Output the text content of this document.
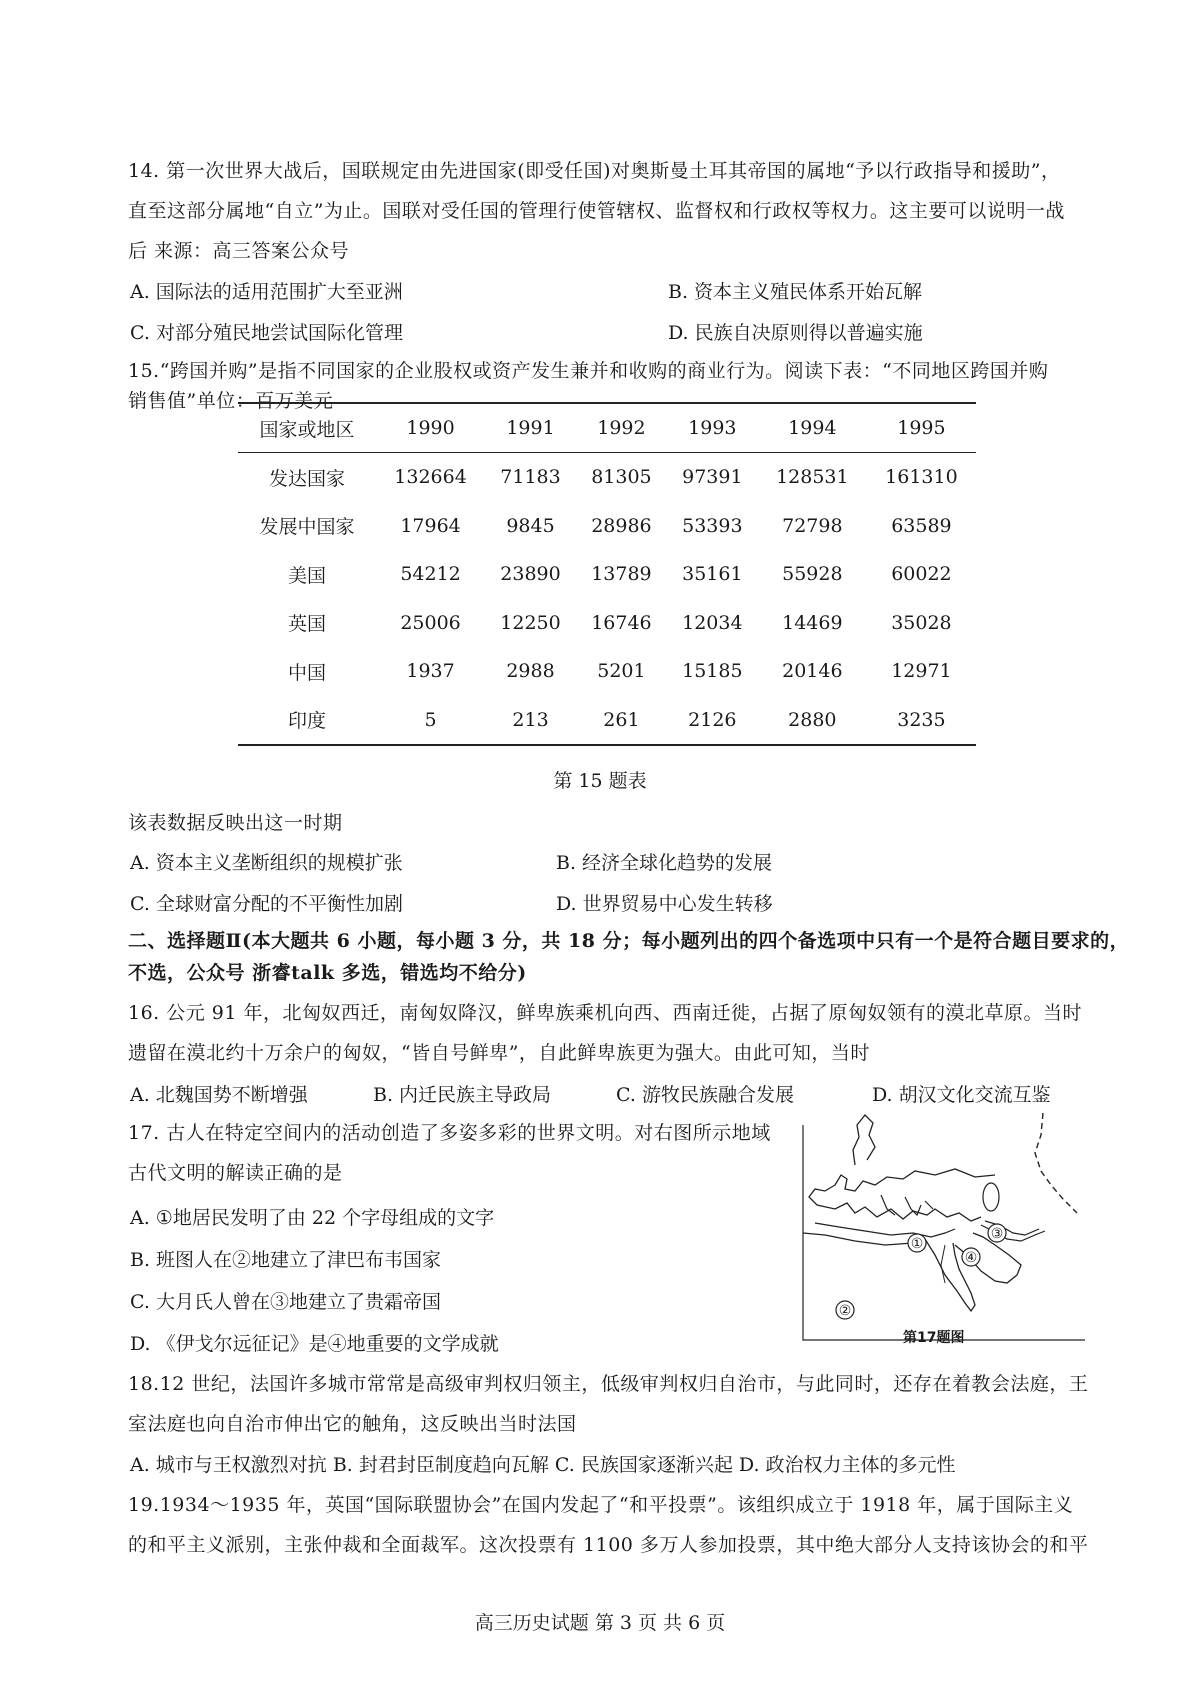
14. 第一次世界大战后，国联规定由先进国家(即受任国)对奥斯曼土耳其帝国的属地“予以行政指导和援助”，
直至这部分属地“自立”为止。国联对受任国的管理行使管辖权、监督权和行政权等权力。这主要可以说明一战
后 来源：高三答案公众号
A. 国际法的适用范围扩大至亚洲	B. 资本主义殖民体系开始瓦解
C. 对部分殖民地尝试国际化管理	D. 民族自决原则得以普遍实施
15.“跨国并购”是指不同国家的企业股权或资产发生兼并和收购的商业行为。阅读下表：“不同地区跨国并购
销售值”单位：百万美元
国家或地区	1990	1991	1992	1993	1994	1995
发达国家	132664	71183	81305	97391	128531	161310
发展中国家	17964	9845	28986	53393	72798	63589
美国	54212	23890	13789	35161	55928	60022
英国	25006	12250	16746	12034	14469	35028
中国	1937	2988	5201	15185	20146	12971
印度	5	213	261	2126	2880	3235
第 15 题表
该表数据反映出这一时期
A. 资本主义垄断组织的规模扩张	B. 经济全球化趋势的发展
C. 全球财富分配的不平衡性加剧	D. 世界贸易中心发生转移
二、选择题Ⅱ(本大题共 6 小题，每小题 3 分，共 18 分；每小题列出的四个备选项中只有一个是符合题目要求的，
不选，公众号 浙睿talk 多选，错选均不给分)
16. 公元 91 年，北匈奴西迁，南匈奴降汉，鲜卑族乘机向西、西南迁徙，占据了原匈奴领有的漠北草原。当时
遗留在漠北约十万余户的匈奴，“皆自号鲜卑”，自此鲜卑族更为强大。由此可知，当时
A. 北魏国势不断增强	B. 内迁民族主导政局	C. 游牧民族融合发展	D. 胡汉文化交流互鉴
17. 古人在特定空间内的活动创造了多姿多彩的世界文明。对右图所示地域
古代文明的解读正确的是
A. ①地居民发明了由 22 个字母组成的文字
B. 班图人在②地建立了津巴布韦国家
C. 大月氏人曾在③地建立了贵霜帝国
D. 《伊戈尔远征记》是④地重要的文学成就
①
②
③
④
第17题图
18.12 世纪，法国许多城市常常是高级审判权归领主，低级审判权归自治市，与此同时，还存在着教会法庭，王
室法庭也向自治市伸出它的触角，这反映出当时法国
A. 城市与王权激烈对抗 B. 封君封臣制度趋向瓦解 C. 民族国家逐渐兴起 D. 政治权力主体的多元性
19.1934～1935 年，英国“国际联盟协会”在国内发起了“和平投票”。该组织成立于 1918 年，属于国际主义
的和平主义派别，主张仲裁和全面裁军。这次投票有 1100 多万人参加投票，其中绝大部分人支持该协会的和平
高三历史试题 第 3 页 共 6 页
